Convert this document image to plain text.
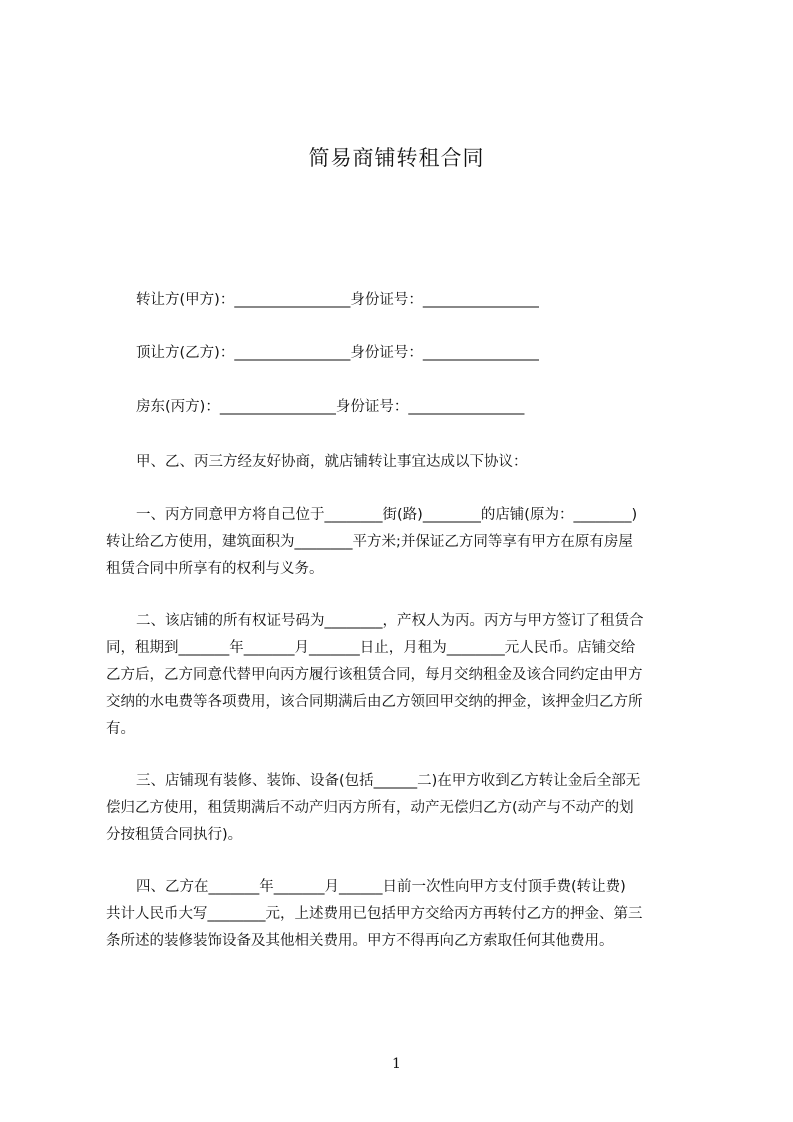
简易商铺转租合同
转让方(甲方)：________________身份证号：________________
顶让方(乙方)：________________身份证号：________________
房东(丙方)：________________身份证号：________________
甲、乙、丙三方经友好协商，就店铺转让事宜达成以下协议：
一、丙方同意甲方将自己位于________街(路)________的店铺(原为：________)
转让给乙方使用，建筑面积为________平方米;并保证乙方同等享有甲方在原有房屋
租赁合同中所享有的权利与义务。
二、该店铺的所有权证号码为________，产权人为丙。丙方与甲方签订了租赁合
同，租期到_______年_______月_______日止，月租为________元人民币。店铺交给
乙方后，乙方同意代替甲向丙方履行该租赁合同，每月交纳租金及该合同约定由甲方
交纳的水电费等各项费用，该合同期满后由乙方领回甲交纳的押金，该押金归乙方所
有。
三、店铺现有装修、装饰、设备(包括______二)在甲方收到乙方转让金后全部无
偿归乙方使用，租赁期满后不动产归丙方所有，动产无偿归乙方(动产与不动产的划
分按租赁合同执行)。
四、乙方在_______年_______月______日前一次性向甲方支付顶手费(转让费)
共计人民币大写________元，上述费用已包括甲方交给丙方再转付乙方的押金、第三
条所述的装修装饰设备及其他相关费用。甲方不得再向乙方索取任何其他费用。
1
